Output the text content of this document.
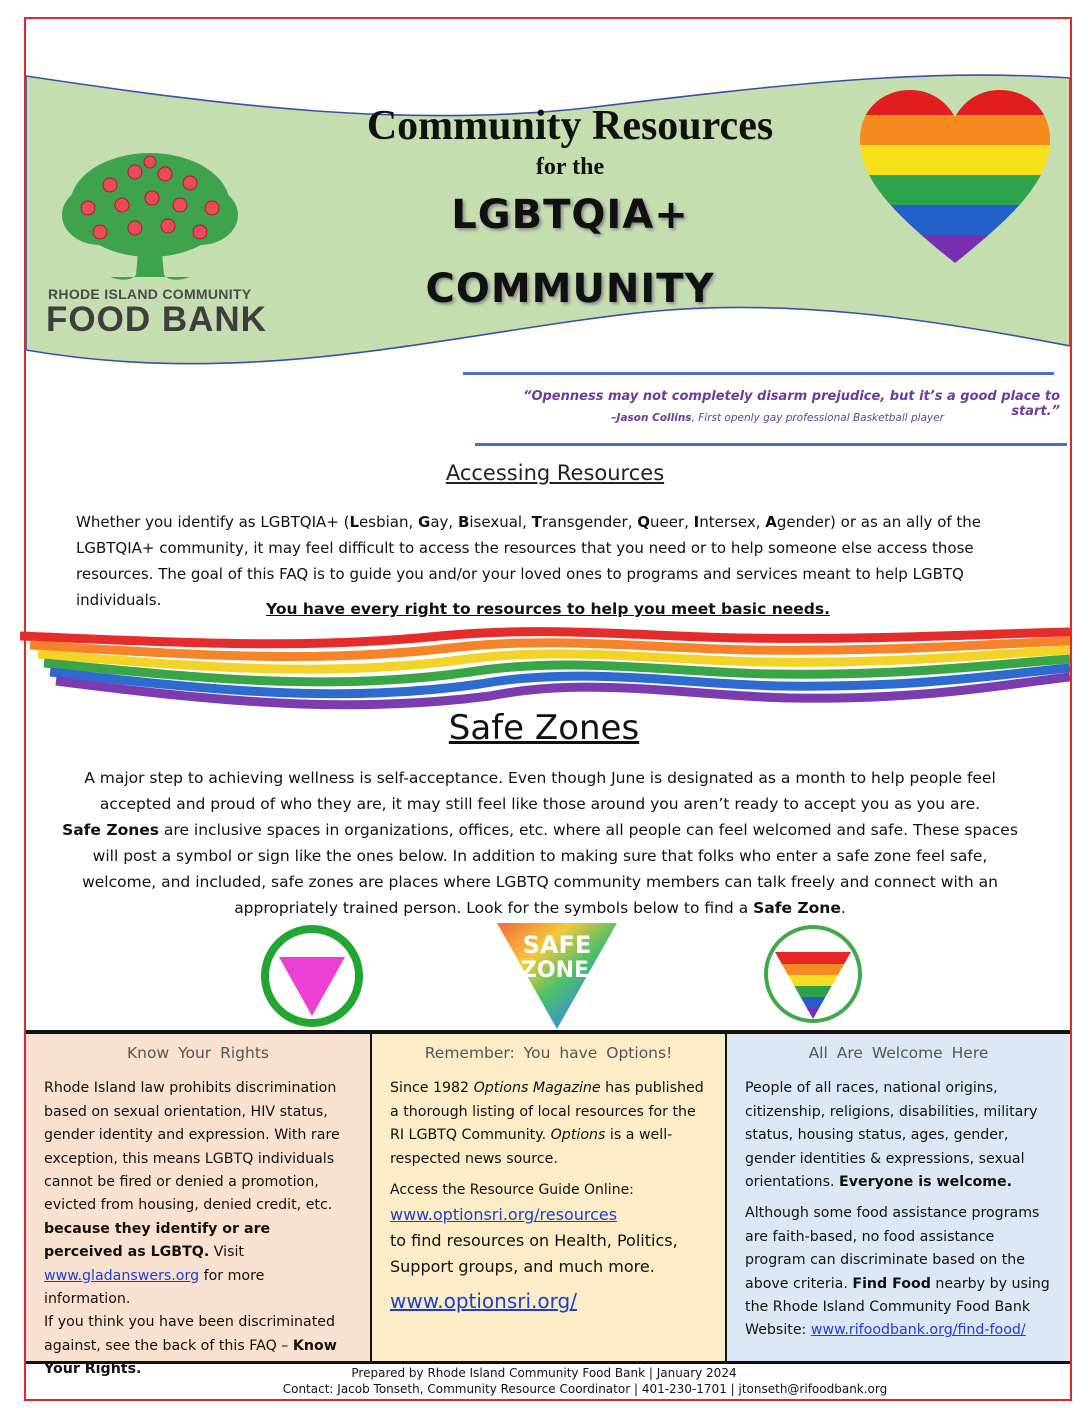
RHODE ISLAND COMMUNITY
FOOD BANK
Community Resources
for the
LGBTQIA+
COMMUNITY
“Openness may not completely disarm prejudice, but it’s a good place to start.”
–Jason Collins, First openly gay professional Basketball player
Accessing Resources
Whether you identify as LGBTQIA+ (Lesbian, Gay, Bisexual, Transgender, Queer, Intersex, Agender) or as an ally of the LGBTQIA+ community, it may feel difficult to access the resources that you need or to help someone else access those resources. The goal of this FAQ is to guide you and/or your loved ones to programs and services meant to help LGBTQ individuals.	You have every right to resources to help you meet basic needs.
Safe Zones

A major step to achieving wellness is self-acceptance. Even though June is designated as a month to help people feel accepted and proud of who they are, it may still feel like those around you aren’t ready to accept you as you are.

Safe Zones are inclusive spaces in organizations, offices, etc. where all people can feel welcomed and safe. These spaces will post a symbol or sign like the ones below. In addition to making sure that folks who enter a safe zone feel safe, welcome, and included, safe zones are places where LGBTQ community members can talk freely and connect with an appropriately trained person. Look for the symbols below to find a Safe Zone.

SAFE
ZONE
Know Your Rights

Rhode Island law prohibits discrimination based on sexual orientation, HIV status, gender identity and expression. With rare exception, this means LGBTQ individuals cannot be fired or denied a promotion, evicted from housing, denied credit, etc. because they identify or are perceived as LGBTQ. Visit www.gladanswers.org for more information.
If you think you have been discriminated against, see the back of this FAQ – Know Your Rights.

Remember: You have Options!

Since 1982 Options Magazine has published a thorough listing of local resources for the RI LGBTQ Community. Options is a well-respected news source.

Access the Resource Guide Online:

www.optionsri.org/resources
to find resources on Health, Politics, Support groups, and much more.

www.optionsri.org/

All Are Welcome Here

People of all races, national origins, citizenship, religions, disabilities, military status, housing status, ages, gender, gender identities & expressions, sexual orientations. Everyone is welcome.

Although some food assistance programs are faith-based, no food assistance program can discriminate based on the above criteria. Find Food nearby by using the Rhode Island Community Food Bank Website: www.rifoodbank.org/find-food/

Prepared by Rhode Island Community Food Bank | January 2024
Contact: Jacob Tonseth, Community Resource Coordinator | 401-230-1701 | jtonseth@rifoodbank.org
